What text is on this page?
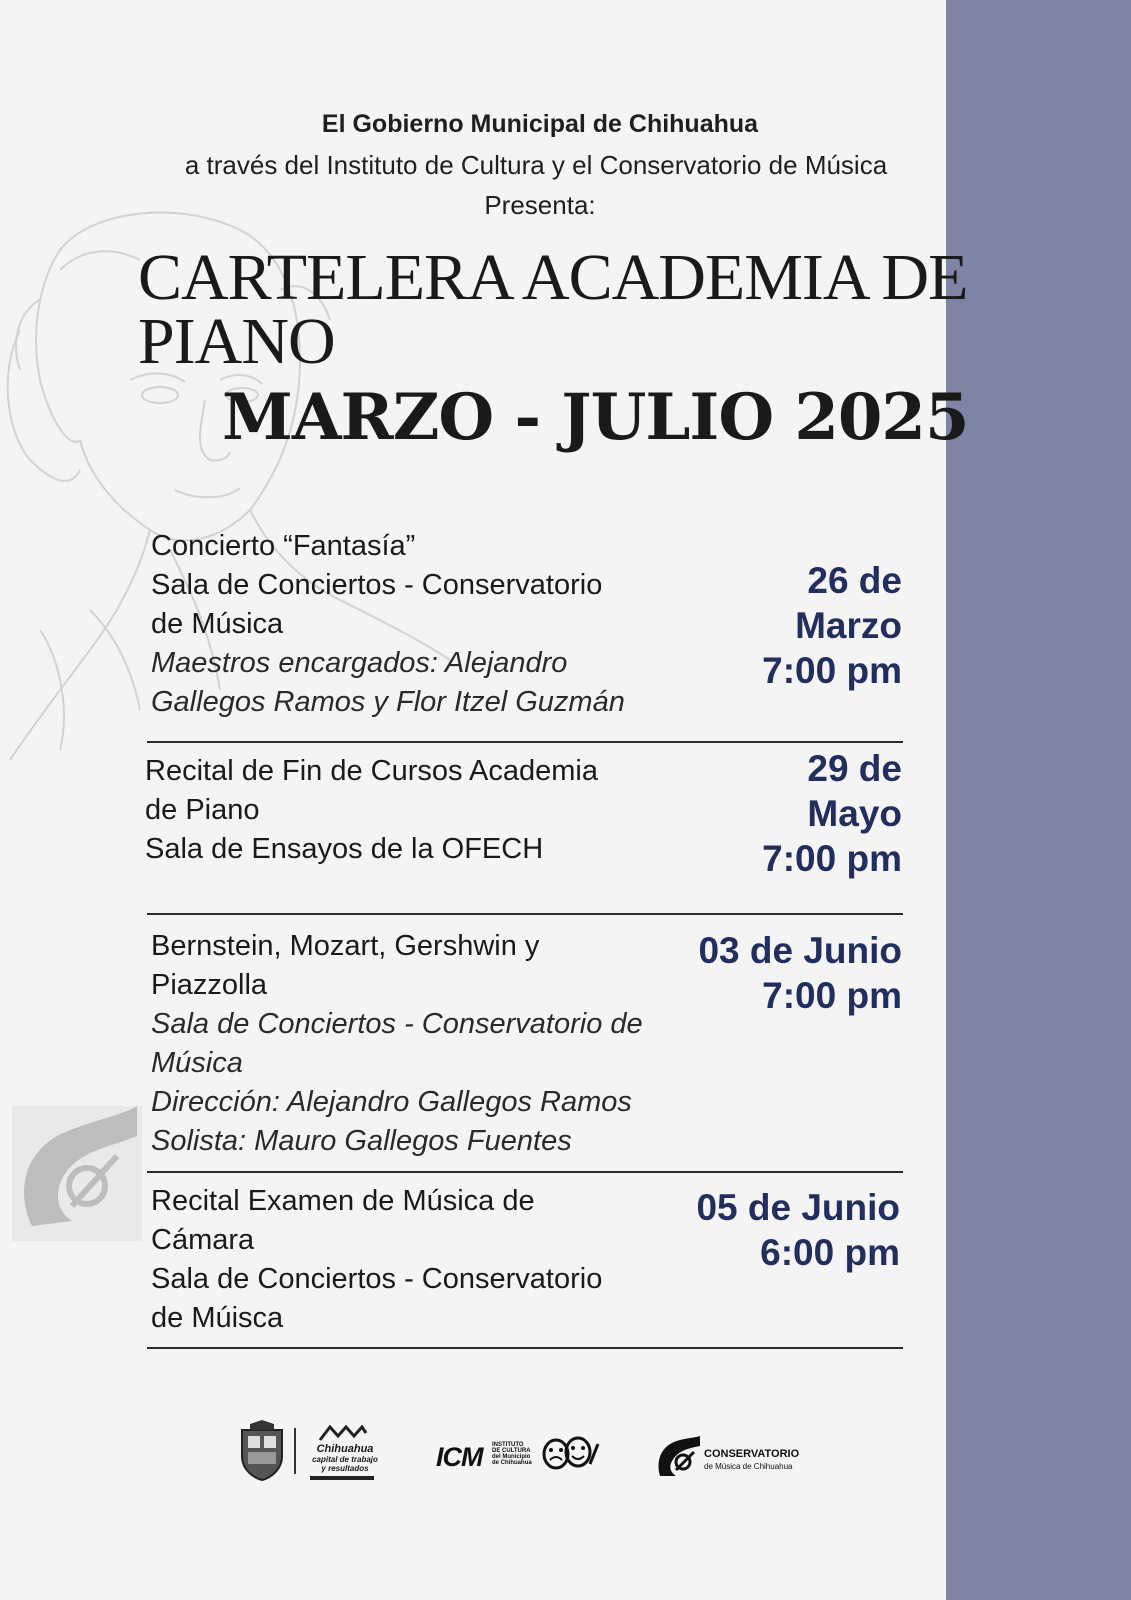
El Gobierno Municipal de Chihuahua
a través del Instituto de Cultura y el Conservatorio de Música
Presenta:
CARTELERA ACADEMIA DE
PIANO
MARZO - JULIO 2025
Concierto “Fantasía”
Sala de Conciertos - Conservatorio
de Música
Maestros encargados: Alejandro
Gallegos Ramos y Flor Itzel Guzmán
26 de
Marzo
7:00 pm
Recital de Fin de Cursos Academia
de Piano
Sala de Ensayos de la OFECH
29 de
Mayo
7:00 pm
Bernstein, Mozart, Gershwin y
Piazzolla
Sala de Conciertos - Conservatorio de
Música
Dirección: Alejandro Gallegos Ramos
Solista: Mauro Gallegos Fuentes
03 de Junio
7:00 pm
Recital Examen de Música de
Cámara
Sala de Conciertos - Conservatorio
de Múisca
05 de Junio
6:00 pm
Chihuahua
capital de trabajo
y resultados	ICM INSTITUTO
DE CULTURA
del Municipio
de Chihuahua
CONSERVATORIO
de Música de Chihuahua
